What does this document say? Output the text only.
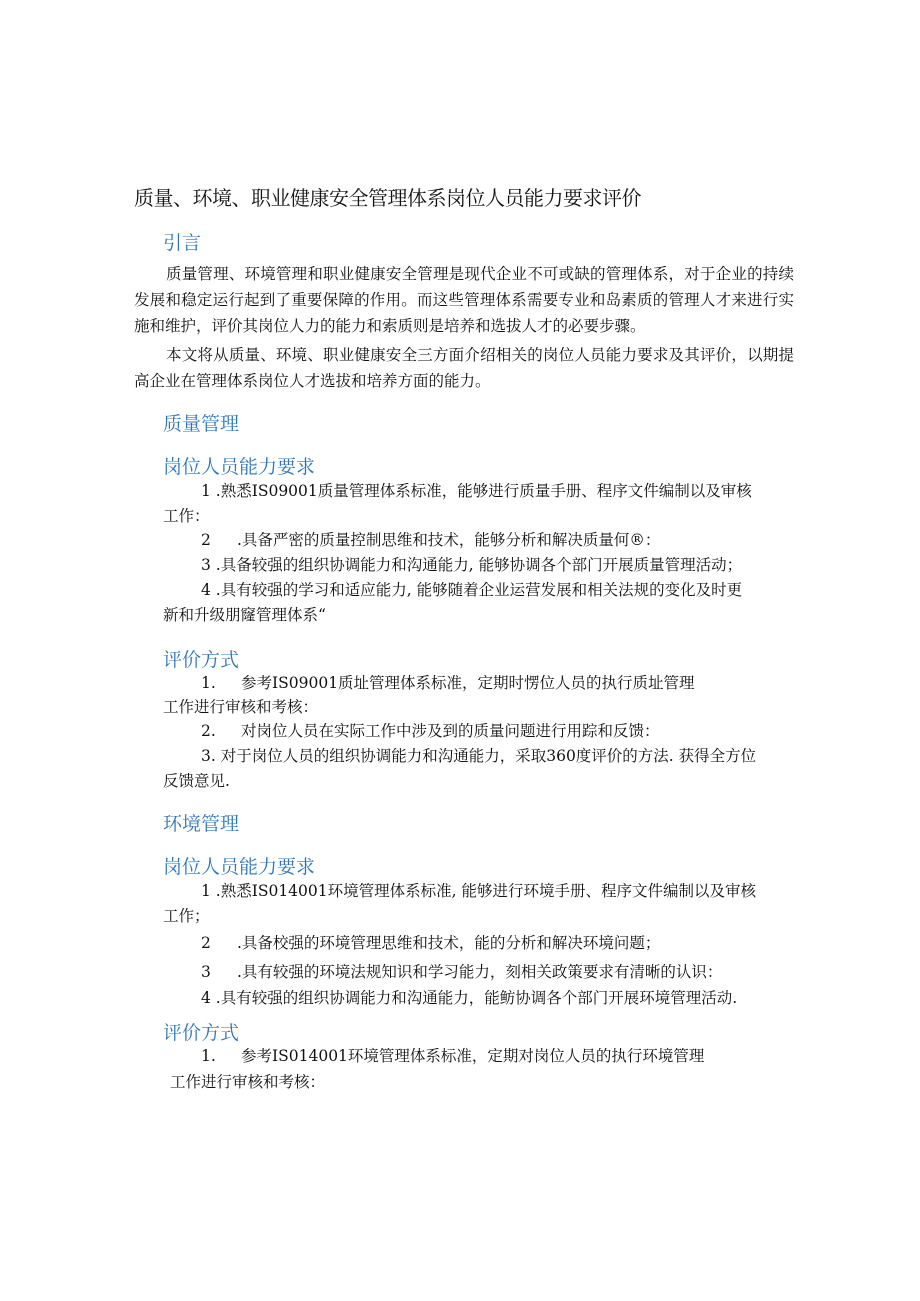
质量、环境、职业健康安全管理体系岗位人员能力要求评价
引言

质量管理、环境管理和职业健康安全管理是现代企业不可或缺的管理体系，对于企业的持续发展和稳定运行起到了重要保障的作用。而这些管理体系需要专业和岛素质的管理人才来进行实施和维护，评价其岗位人力的能力和索质则是培养和选拔人才的必要步骤。

本文将从质量、环境、职业健康安全三方面介绍相关的岗位人员能力要求及其评价，以期提高企业在管理体系岗位人才选拔和培养方面的能力。

质量管理
岗位人员能力要求
1 .熟悉IS09001质量管理体系标准，能够进行质量手册、程序文件编制以及审核
工作：
2 .具备严密的质量控制思维和技术，能够分析和解决质量何®：
3 .具备较强的组织协调能力和沟通能力, 能够协调各个部门开展质量管理活动；
4 .具有较强的学习和适应能力, 能够随着企业运营发展和相关法规的变化及时更
新和升级朋窿管理体系“
评价方式
1. 参考IS09001质址管理体系标准，定期时愣位人员的执行质址管理
工作进行审核和考核：
2. 对岗位人员在实际工作中涉及到的质量问题进行用踪和反馈：
3. 对于岗位人员的组织协调能力和沟通能力，采取360度评价的方法. 获得全方位
反馈意见.
环境管理
岗位人员能力要求
1 .熟悉IS014001环境管理体系标准, 能够进行环境手册、程序文件编制以及审核
工作；
2 .具备校强的环境管理思维和技术，能的分析和解决环境问题；
3 .具有较强的环境法规知识和学习能力，刻相关政策要求有清晰的认识：
4 .具有较强的组织协调能力和沟通能力，能鲂协调各个部门开展环境管理活动.
评价方式
1. 参考IS014001环境管理体系标准，定期对岗位人员的执行环境管理
工作进行审核和考核：
